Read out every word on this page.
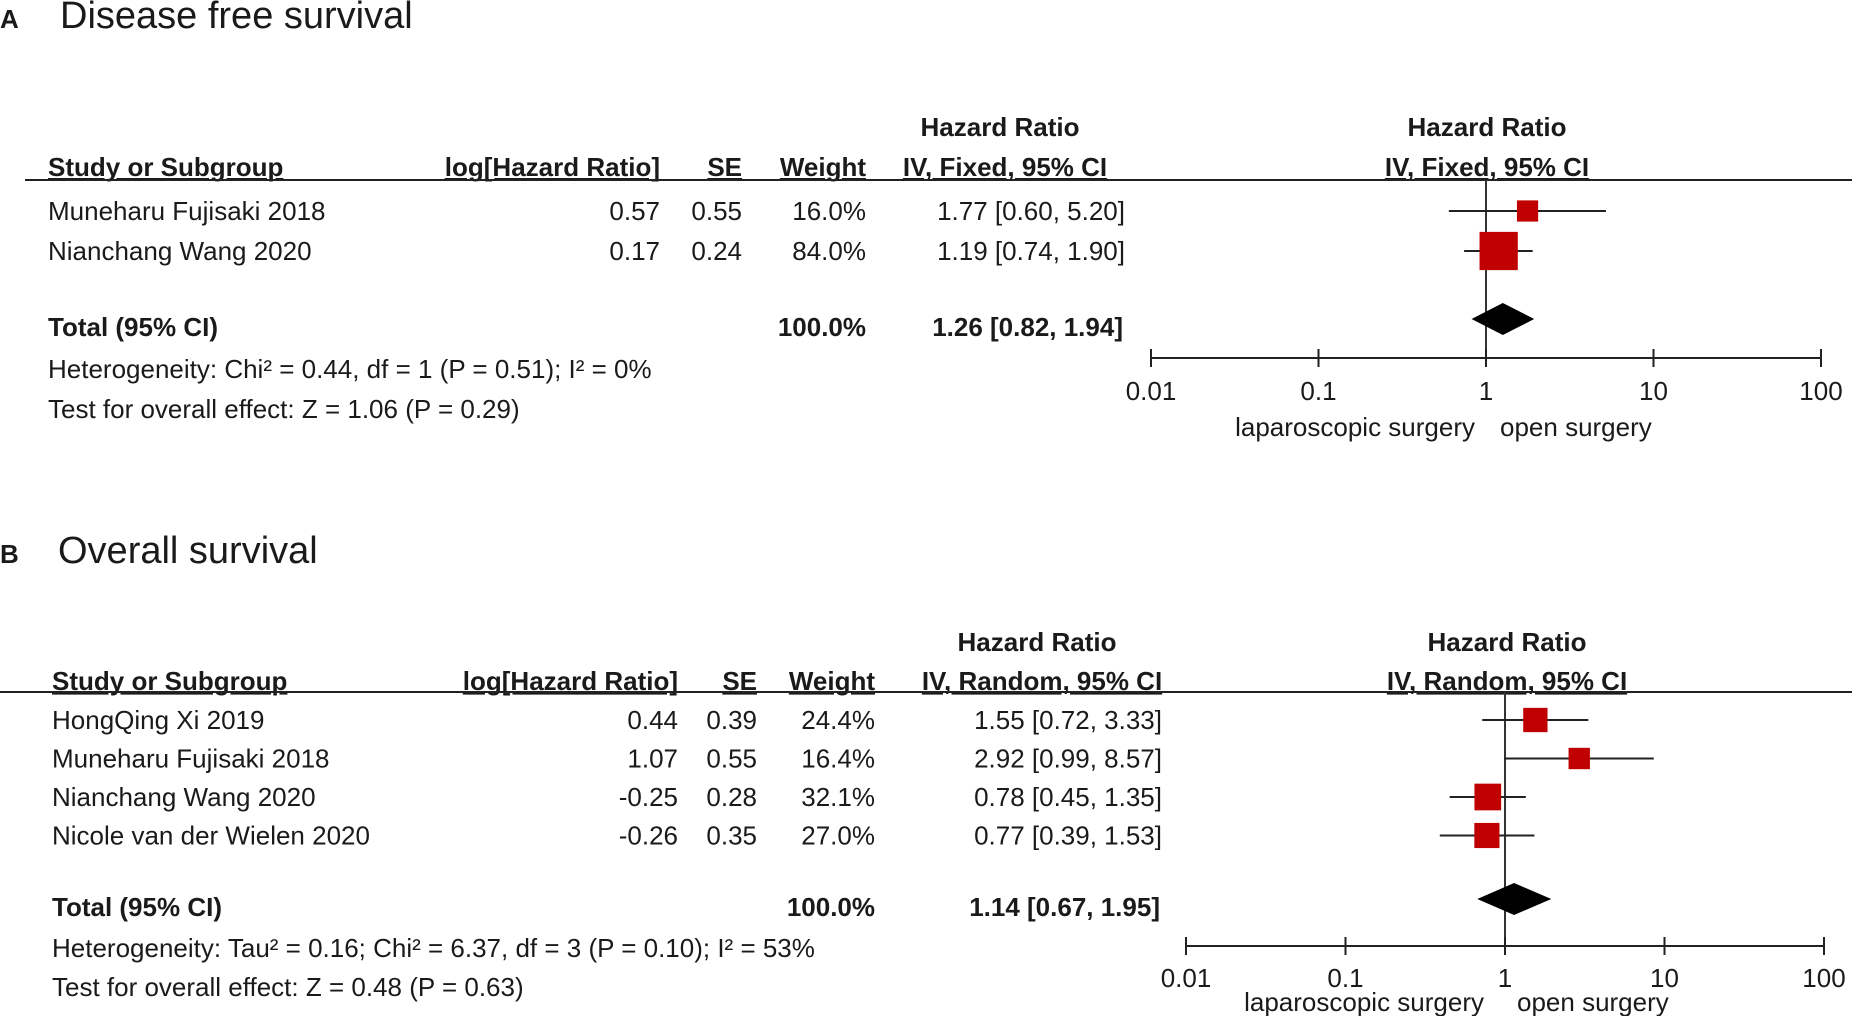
A Disease free survival
Study or Subgroup	log[Hazard Ratio] SE Weight
Hazard Ratio
IV, Fixed, 95% CI
Hazard Ratio
IV, Fixed, 95% CI
Muneharu Fujisaki 2018	0.57 0.55 16.0%	1.77 [0.60, 5.20]
Nianchang Wang 2020	0.17 0.24 84.0%	1.19 [0.74, 1.90]
Total (95% CI)	100.0%	1.26 [0.82, 1.94]
Heterogeneity: Chi² = 0.44, df = 1 (P = 0.51); I² = 0%
Test for overall effect: Z = 1.06 (P = 0.29)
0.01	0.1	1	10	100
laparoscopic surgery open surgery
B Overall survival
Study or Subgroup	log[Hazard Ratio] SE Weight
Hazard Ratio
IV, Random, 95% CI
Hazard Ratio
IV, Random, 95% CI
HongQing Xi 2019	0.44 0.39 24.4%	1.55 [0.72, 3.33]
Muneharu Fujisaki 2018	1.07 0.55 16.4%	2.92 [0.99, 8.57]
Nianchang Wang 2020	-0.25 0.28 32.1%	0.78 [0.45, 1.35]
Nicole van der Wielen 2020	-0.26 0.35 27.0%	0.77 [0.39, 1.53]
Total (95% CI)	100.0%	1.14 [0.67, 1.95]
Heterogeneity: Tau² = 0.16; Chi² = 6.37, df = 3 (P = 0.10); I² = 53%
Test for overall effect: Z = 0.48 (P = 0.63)	0.01	0.1	1	10	100
laparoscopic surgery open surgery
